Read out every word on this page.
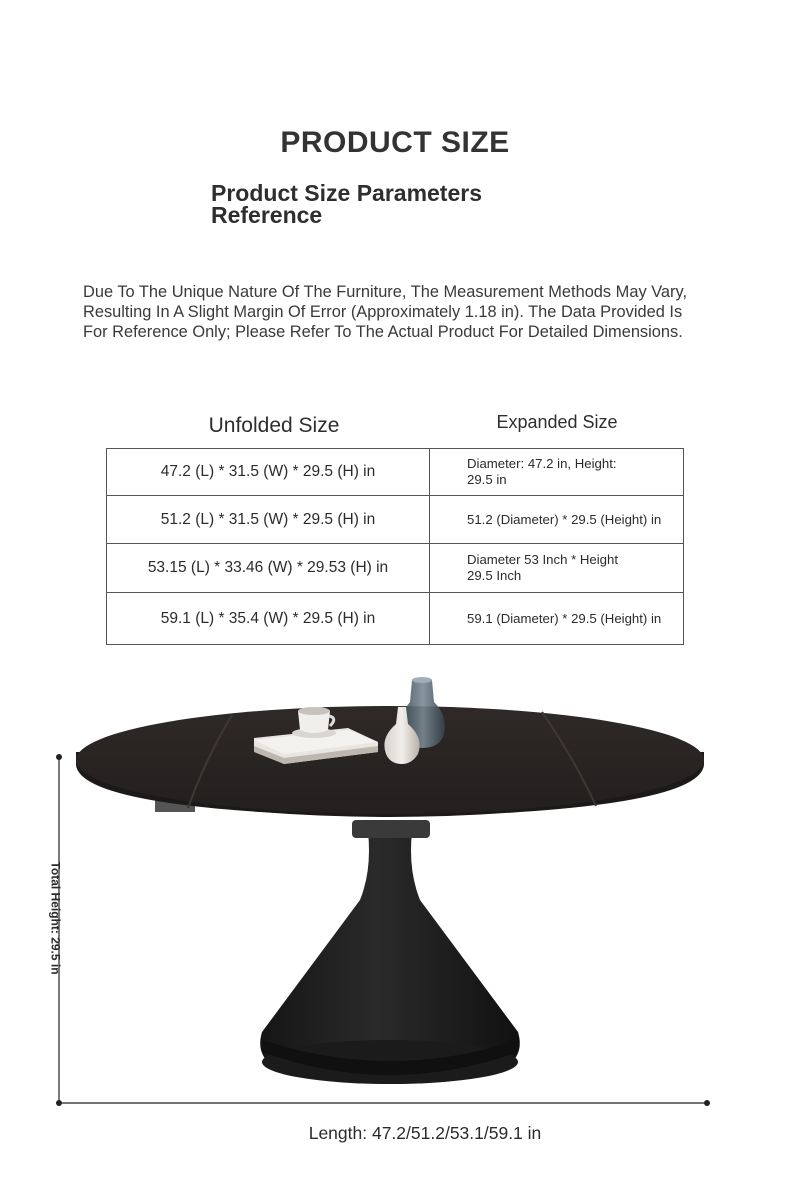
PRODUCT SIZE
Product Size Parameters
Reference
Due To The Unique Nature Of The Furniture, The Measurement Methods May Vary,
Resulting In A Slight Margin Of Error (Approximately 1.18 in). The Data Provided Is
For Reference Only; Please Refer To The Actual Product For Detailed Dimensions.
Unfolded Size	Expanded Size
47.2 (L) * 31.5 (W) * 29.5 (H) in	Diameter: 47.2 in, Height:
29.5 in
51.2 (L) * 31.5 (W) * 29.5 (H) in	51.2 (Diameter) * 29.5 (Height) in
53.15 (L) * 33.46 (W) * 29.53 (H) in	Diameter 53 Inch * Height
29.5 Inch
59.1 (L) * 35.4 (W) * 29.5 (H) in	59.1 (Diameter) * 29.5 (Height) in
Total Height: 29.5 in
Length: 47.2/51.2/53.1/59.1 in
